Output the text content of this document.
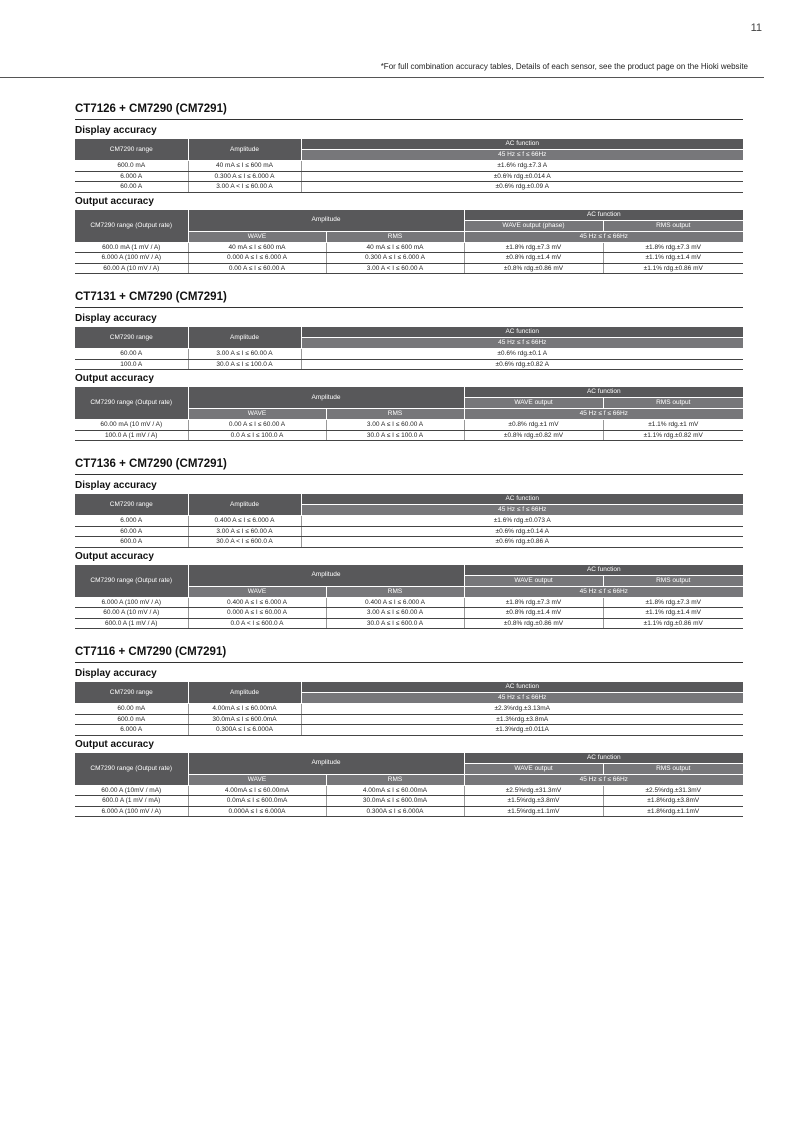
11
*For full combination accuracy tables, Details of each sensor, see the product page on the Hioki website
CT7126 + CM7290 (CM7291)
Display accuracy
CM7290 range	Amplitude	AC function
		45 Hz ≤ f ≤ 66Hz
600.0 mA	40 mA ≤ I ≤ 600 mA	±1.6% rdg.±7.3 A
6.000 A	0.300 A ≤ I ≤ 6.000 A	±0.6% rdg.±0.014 A
60.00 A	3.00 A < I ≤ 60.00 A	±0.6% rdg.±0.09 A
Output accuracy
CM7290 range (Output rate)	Amplitude		AC function	
			WAVE output (phase)	RMS output
	WAVE	RMS	45 Hz ≤ f ≤ 66Hz	
600.0 mA (1 mV / A)	40 mA ≤ I ≤ 600 mA	40 mA ≤ I ≤ 600 mA	±1.8% rdg.±7.3 mV	±1.8% rdg.±7.3 mV
6.000 A (100 mV / A)	0.000 A ≤ I ≤ 6.000 A	0.300 A ≤ I ≤ 6.000 A	±0.8% rdg.±1.4 mV	±1.1% rdg.±1.4 mV
60.00 A (10 mV / A)	0.00 A ≤ I ≤ 60.00 A	3.00 A < I ≤ 60.00 A	±0.8% rdg.±0.86 mV	±1.1% rdg.±0.86 mV
CT7131 + CM7290 (CM7291)
Display accuracy
CM7290 range	Amplitude	AC function
		45 Hz ≤ f ≤ 66Hz
60.00 A	3.00 A ≤ I ≤ 60.00 A	±0.6% rdg.±0.1 A
100.0 A	30.0 A ≤ I ≤ 100.0 A	±0.6% rdg.±0.82 A
Output accuracy
CM7290 range (Output rate)	Amplitude		AC function	
			WAVE output	RMS output
	WAVE	RMS	45 Hz ≤ f ≤ 66Hz	
60.00 mA (10 mV / A)	0.00 A ≤ I ≤ 60.00 A	3.00 A ≤ I ≤ 60.00 A	±0.8% rdg.±1 mV	±1.1% rdg.±1 mV
100.0 A (1 mV / A)	0.0 A ≤ I ≤ 100.0 A	30.0 A ≤ I ≤ 100.0 A	±0.8% rdg.±0.82 mV	±1.1% rdg.±0.82 mV
CT7136 + CM7290 (CM7291)
Display accuracy
CM7290 range	Amplitude	AC function
		45 Hz ≤ f ≤ 66Hz
6.000 A	0.400 A ≤ I ≤ 6.000 A	±1.6% rdg.±0.073 A
60.00 A	3.00 A ≤ I ≤ 60.00 A	±0.6% rdg.±0.14 A
600.0 A	30.0 A < I ≤ 600.0 A	±0.6% rdg.±0.86 A
Output accuracy
CM7290 range (Output rate)	Amplitude		AC function	
			WAVE output	RMS output
	WAVE	RMS	45 Hz ≤ f ≤ 66Hz	
6.000 A (100 mV / A)	0.400 A ≤ I ≤ 6.000 A	0.400 A ≤ I ≤ 6.000 A	±1.8% rdg.±7.3 mV	±1.8% rdg.±7.3 mV
60.00 A (10 mV / A)	0.000 A ≤ I ≤ 60.00 A	3.00 A ≤ I ≤ 60.00 A	±0.8% rdg.±1.4 mV	±1.1% rdg.±1.4 mV
600.0 A (1 mV / A)	0.0 A < I ≤ 600.0 A	30.0 A ≤ I ≤ 600.0 A	±0.8% rdg.±0.86 mV	±1.1% rdg.±0.86 mV
CT7116 + CM7290 (CM7291)
Display accuracy
CM7290 range	Amplitude	AC function
		45 Hz ≤ f ≤ 66Hz
60.00 mA	4.00mA ≤ I ≤ 60.00mA	±2.3%rdg.±3.13mA
600.0 mA	30.0mA ≤ I ≤ 600.0mA	±1.3%rdg.±3.8mA
6.000 A	0.300A ≤ I ≤ 6.000A	±1.3%rdg.±0.011A
Output accuracy
CM7290 range (Output rate)	Amplitude		AC function	
			WAVE output	RMS output
	WAVE	RMS	45 Hz ≤ f ≤ 66Hz	
60.00 A (10mV / mA)	4.00mA ≤ I ≤ 60.00mA	4.00mA ≤ I ≤ 60.00mA	±2.5%rdg.±31.3mV	±2.5%rdg.±31.3mV
600.0 A (1 mV / mA)	0.0mA ≤ I ≤ 600.0mA	30.0mA ≤ I ≤ 600.0mA	±1.5%rdg.±3.8mV	±1.8%rdg.±3.8mV
6.000 A (100 mV / A)	0.000A ≤ I ≤ 6.000A	0.300A ≤ I ≤ 6.000A	±1.5%rdg.±1.1mV	±1.8%rdg.±1.1mV
